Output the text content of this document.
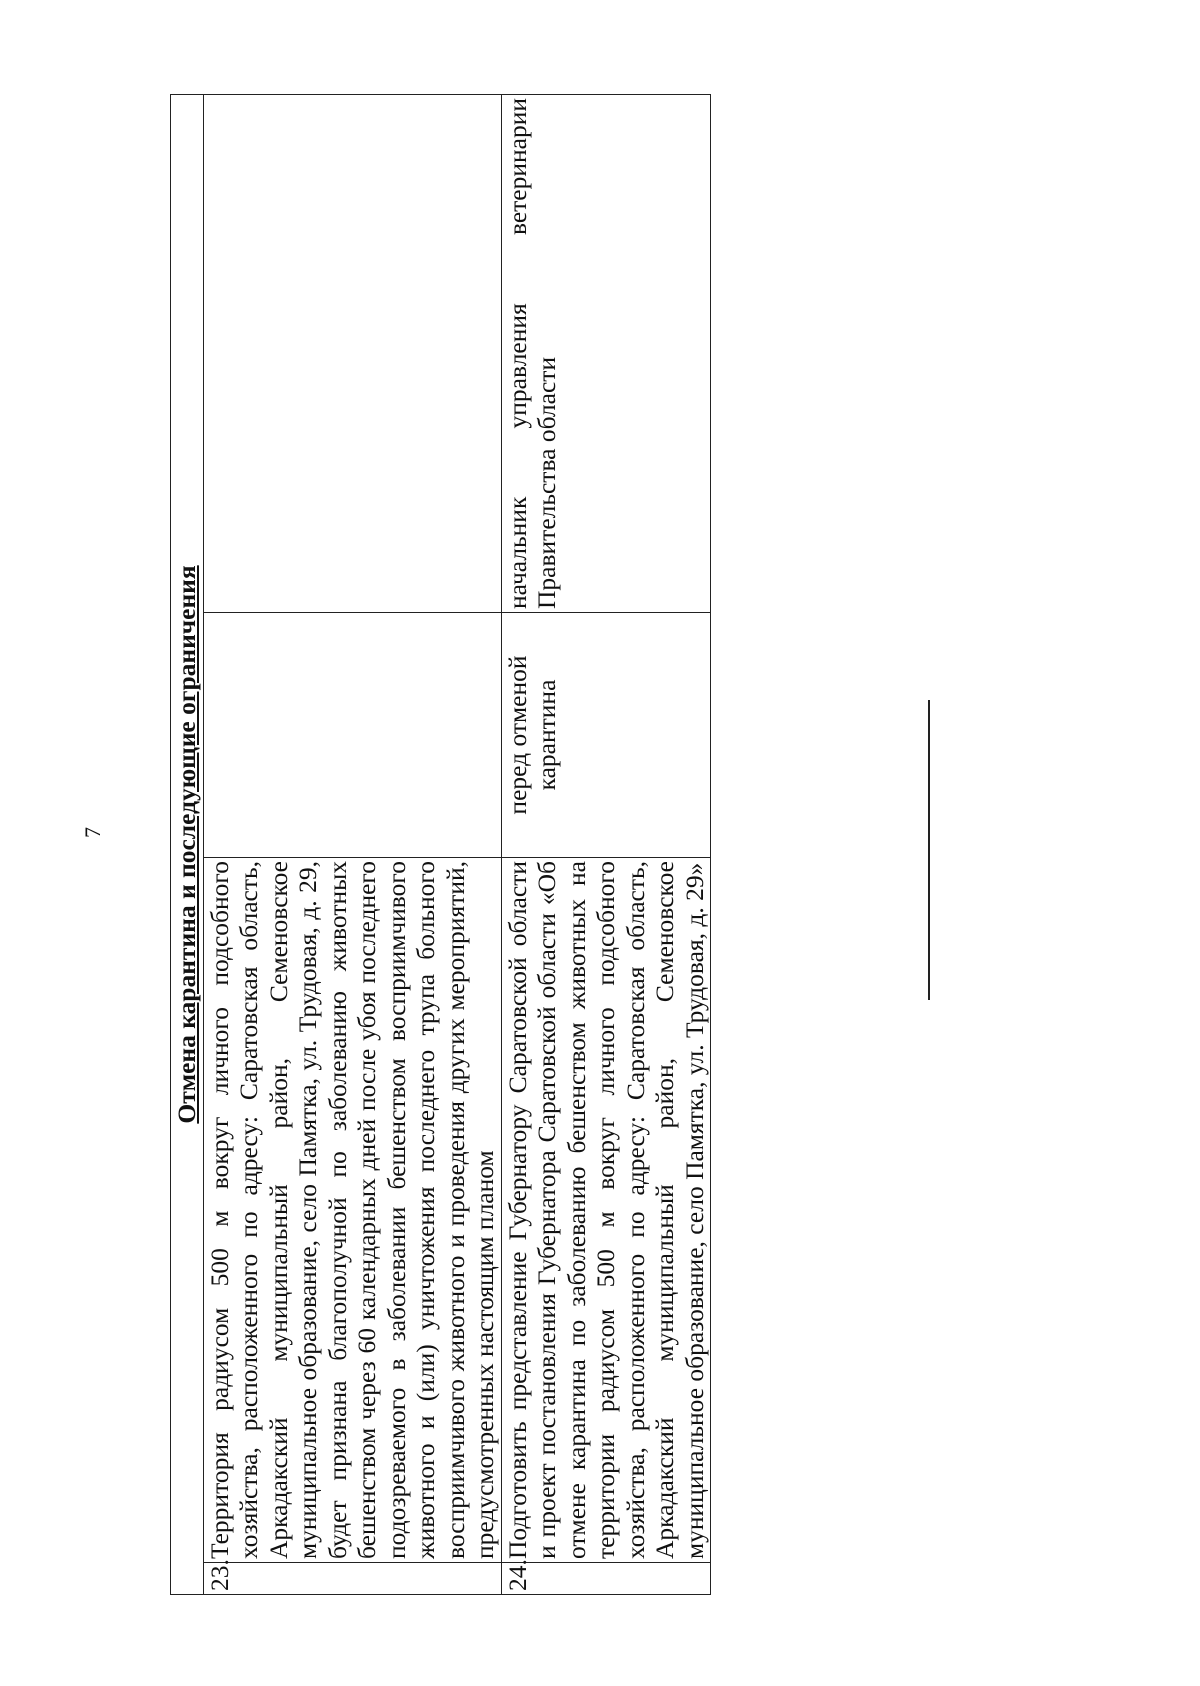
7	Отмена карантина и последующие ограничения			
23.	Территория радиусом 500 м вокруг личного подсобного хозяйства, расположенного по адресу: Саратовская область, Аркадакский муниципальный район, Семеновское муниципальное образование, село Памятка, ул. Трудовая, д. 29, будет признана благополучной по заболеванию животных бешенством через 60 календарных дней после убоя последнего подозреваемого в заболевании бешенством восприимчивого животного и (или) уничтожения последнего трупа больного восприимчивого животного и проведения других мероприятий, предусмотренных настоящим планом		
24.	Подготовить представление Губернатору Саратовской области и проект постановления Губернатора Саратовской области «Об отмене карантина по заболеванию бешенством животных на территории радиусом 500 м вокруг личного подсобного хозяйства, расположенного по адресу: Саратовская область, Аркадакский муниципальный район, Семеновское муниципальное образование, село Памятка, ул. Трудовая, д. 29»	перед отменой карантина	начальник управления ветеринарии Правительства области
